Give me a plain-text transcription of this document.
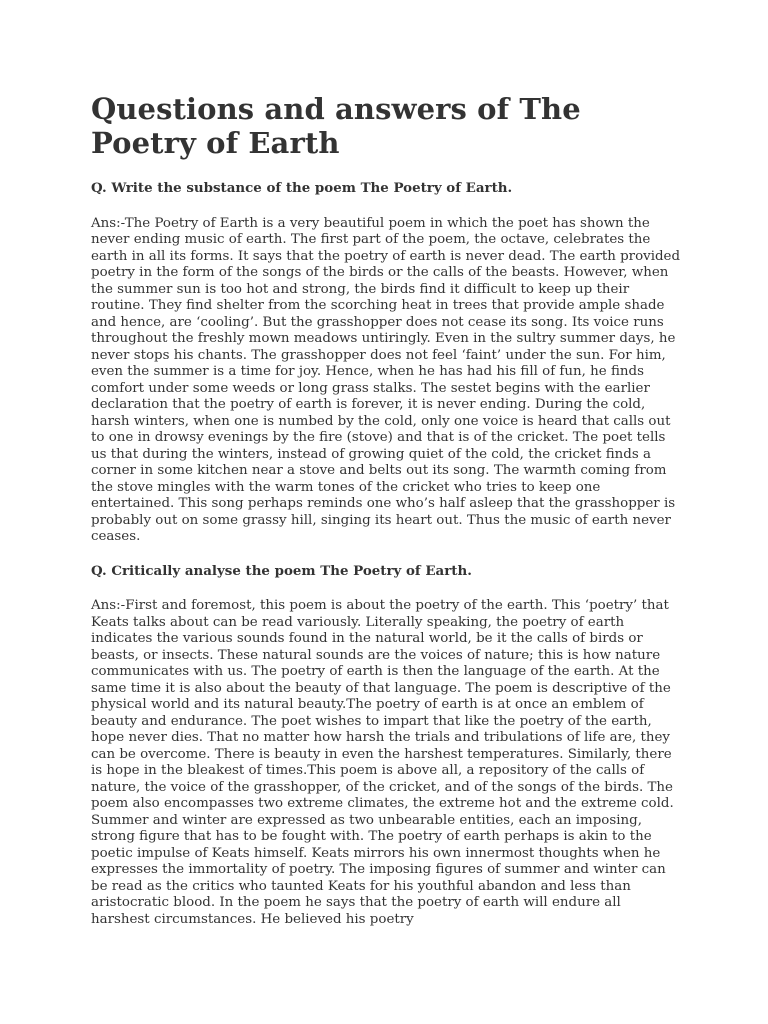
Questions and answers of The Poetry of Earth

Q. Write the substance of the poem The Poetry of Earth.

Ans:-The Poetry of Earth is a very beautiful poem in which the poet has shown the never ending music of earth. The first part of the poem, the octave, celebrates the earth in all its forms. It says that the poetry of earth is never dead. The earth provided poetry in the form of the songs of the birds or the calls of the beasts. However, when the summer sun is too hot and strong, the birds find it difficult to keep up their routine. They find shelter from the scorching heat in trees that provide ample shade and hence, are ‘cooling’. But the grasshopper does not cease its song. Its voice runs throughout the freshly mown meadows untiringly. Even in the sultry summer days, he never stops his chants. The grasshopper does not feel ‘faint’ under the sun. For him, even the summer is a time for joy. Hence, when he has had his fill of fun, he finds comfort under some weeds or long grass stalks. The sestet begins with the earlier declaration that the poetry of earth is forever, it is never ending. During the cold, harsh winters, when one is numbed by the cold, only one voice is heard that calls out to one in drowsy evenings by the fire (stove) and that is of the cricket. The poet tells us that during the winters, instead of growing quiet of the cold, the cricket finds a corner in some kitchen near a stove and belts out its song. The warmth coming from the stove mingles with the warm tones of the cricket who tries to keep one entertained. This song perhaps reminds one who’s half asleep that the grasshopper is probably out on some grassy hill, singing its heart out. Thus the music of earth never ceases.

Q. Critically analyse the poem The Poetry of Earth.

Ans:-First and foremost, this poem is about the poetry of the earth. This ‘poetry’ that Keats talks about can be read variously. Literally speaking, the poetry of earth indicates the various sounds found in the natural world, be it the calls of birds or beasts, or insects. These natural sounds are the voices of nature; this is how nature communicates with us. The poetry of earth is then the language of the earth. At the same time it is also about the beauty of that language. The poem is descriptive of the physical world and its natural beauty.The poetry of earth is at once an emblem of beauty and endurance. The poet wishes to impart that like the poetry of the earth, hope never dies. That no matter how harsh the trials and tribulations of life are, they can be overcome. There is beauty in even the harshest temperatures. Similarly, there is hope in the bleakest of times.This poem is above all, a repository of the calls of nature, the voice of the grasshopper, of the cricket, and of the songs of the birds. The poem also encompasses two extreme climates, the extreme hot and the extreme cold. Summer and winter are expressed as two unbearable entities, each an imposing, strong figure that has to be fought with. The poetry of earth perhaps is akin to the poetic impulse of Keats himself. Keats mirrors his own innermost thoughts when he expresses the immortality of poetry. The imposing figures of summer and winter can be read as the critics who taunted Keats for his youthful abandon and less than aristocratic blood. In the poem he says that the poetry of earth will endure all harshest circumstances. He believed his poetry
